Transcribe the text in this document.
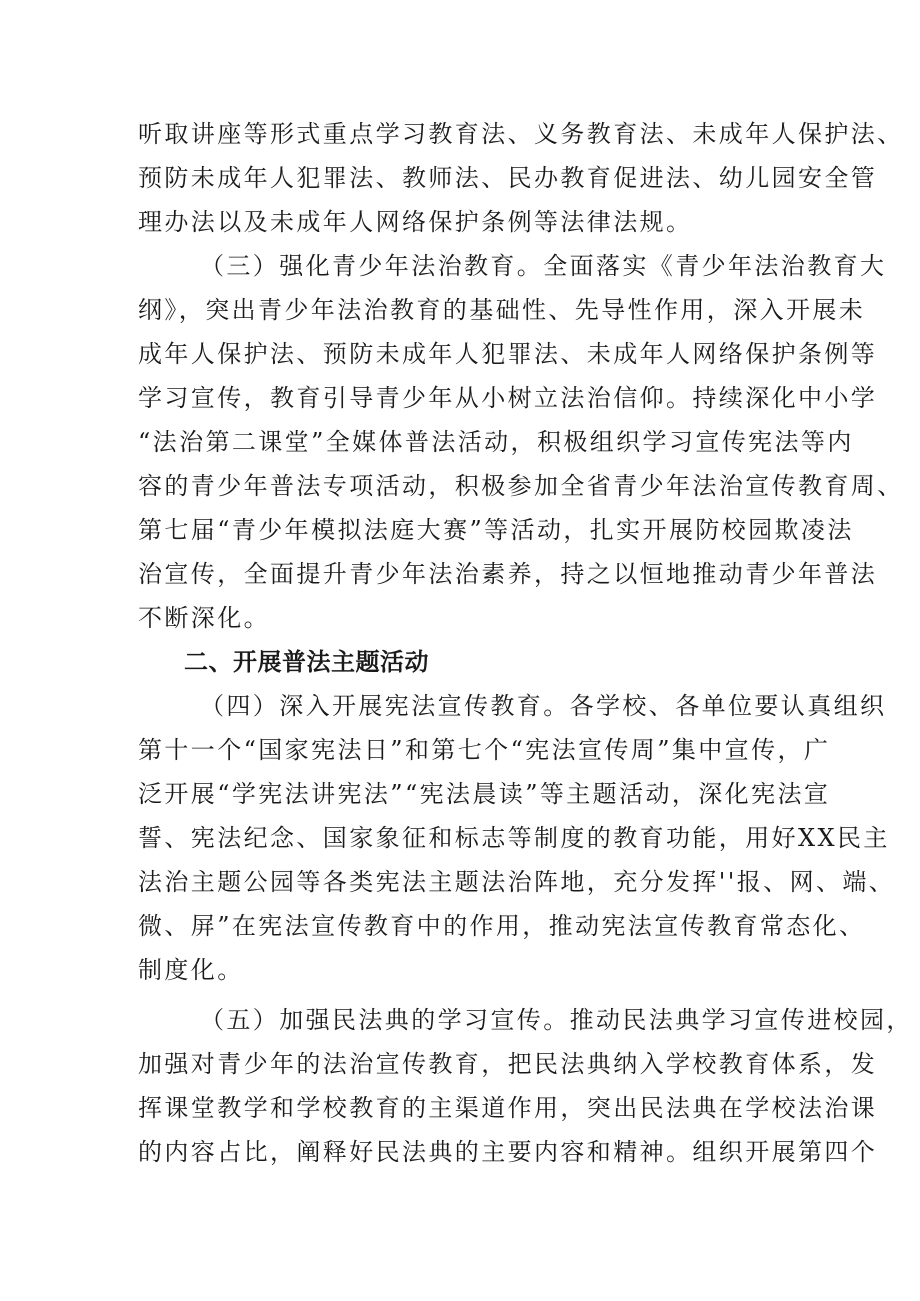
听取讲座等形式重点学习教育法、义务教育法、未成年人保护法、
预防未成年人犯罪法、教师法、民办教育促进法、幼儿园安全管
理办法以及未成年人网络保护条例等法律法规。
（三）强化青少年法治教育。全面落实《青少年法治教育大
纲》，突出青少年法治教育的基础性、先导性作用，深入开展未
成年人保护法、预防未成年人犯罪法、未成年人网络保护条例等
学习宣传，教育引导青少年从小树立法治信仰。持续深化中小学
“法治第二课堂”全媒体普法活动，积极组织学习宣传宪法等内
容的青少年普法专项活动，积极参加全省青少年法治宣传教育周、
第七届“青少年模拟法庭大赛”等活动，扎实开展防校园欺凌法
治宣传，全面提升青少年法治素养，持之以恒地推动青少年普法
不断深化。
二、开展普法主题活动
（四）深入开展宪法宣传教育。各学校、各单位要认真组织
第十一个“国家宪法日”和第七个“宪法宣传周”集中宣传，广
泛开展“学宪法讲宪法”“宪法晨读”等主题活动，深化宪法宣
誓、宪法纪念、国家象征和标志等制度的教育功能，用好XX民主
法治主题公园等各类宪法主题法治阵地，充分发挥''报、网、端、
微、屏”在宪法宣传教育中的作用，推动宪法宣传教育常态化、
制度化。
（五）加强民法典的学习宣传。推动民法典学习宣传进校园，
加强对青少年的法治宣传教育，把民法典纳入学校教育体系，发
挥课堂教学和学校教育的主渠道作用，突出民法典在学校法治课
的内容占比，阐释好民法典的主要内容和精神。组织开展第四个
